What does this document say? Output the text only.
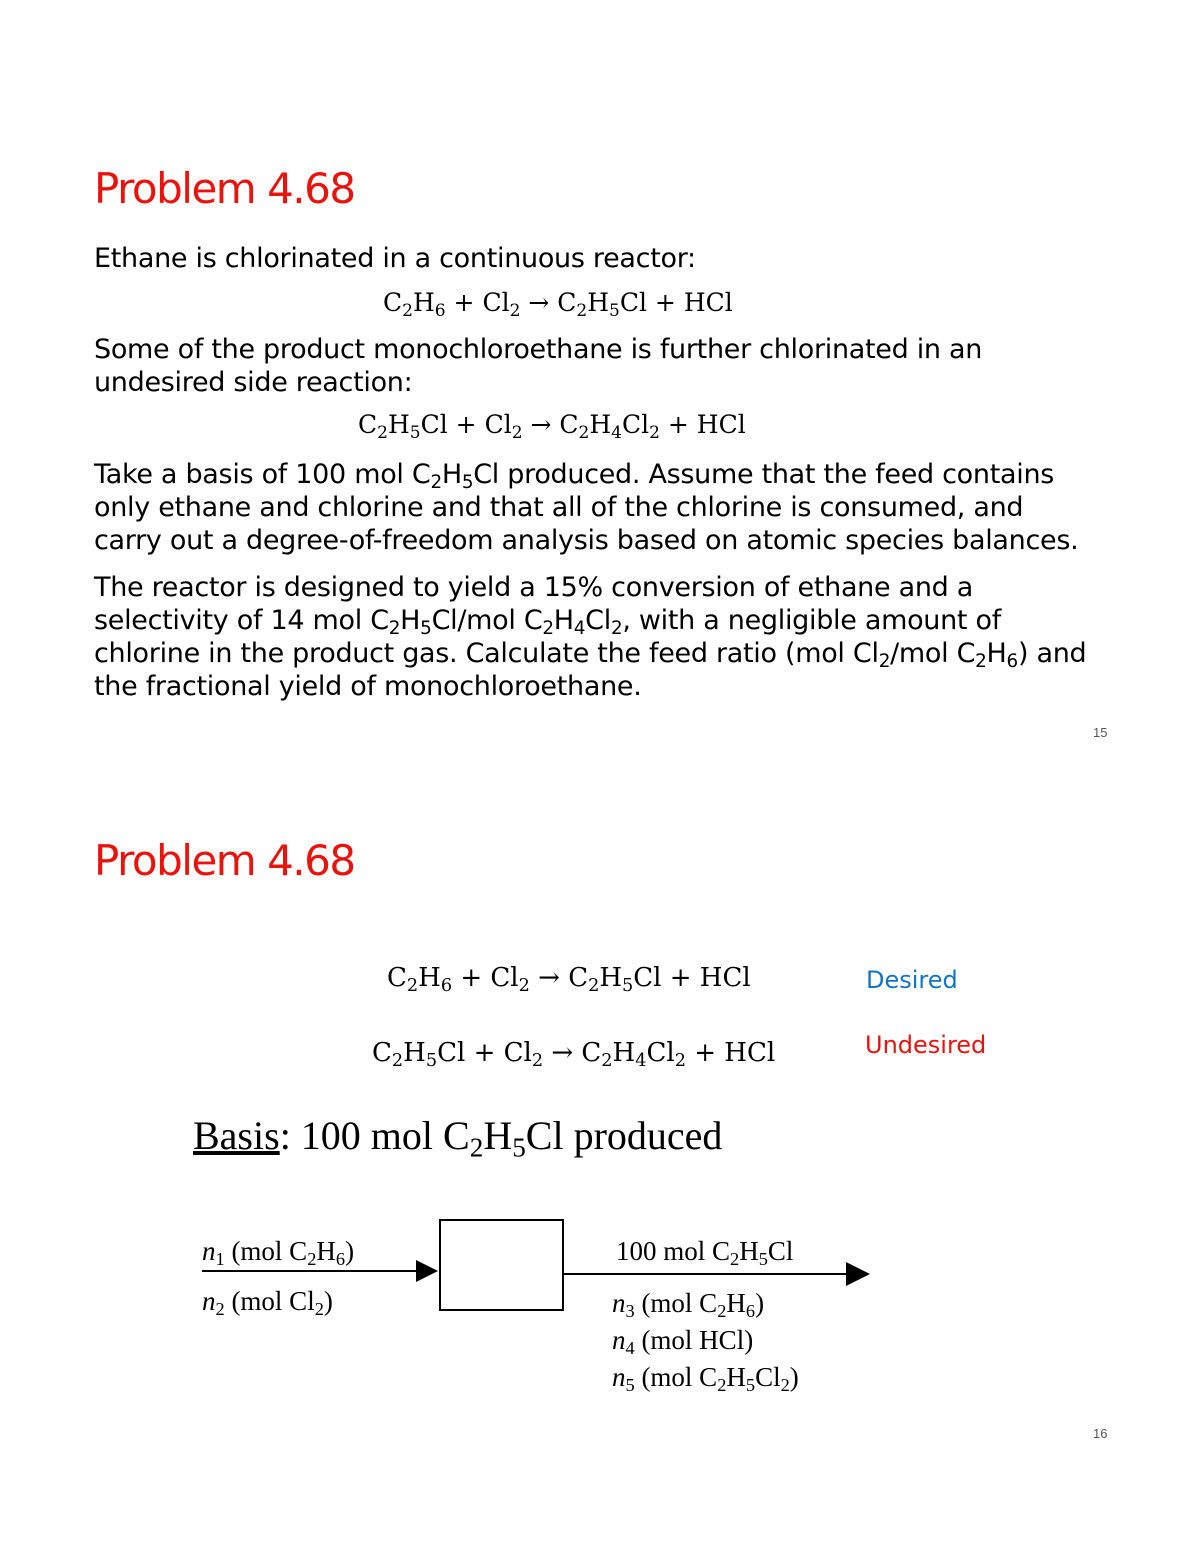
Problem 4.68
Ethane is chlorinated in a continuous reactor:
$C_2H_6 + Cl_2 \to C_2H_5Cl$ + HCl
Some of the product monochloroethane is further chlorinated in an
undesired side reaction:
$C_2H_5Cl + Cl_2 \to C_2H_4Cl_2$ + HCl
Take a basis of 100 mol $C_2H_5Cl$ produced. Assume that the feed contains
only ethane and chlorine and that all of the chlorine is consumed, and
carry out a degree-of-freedom analysis based on atomic species balances.
The reactor is designed to yield a 15% conversion of ethane and a
selectivity of 14 mol $C_2H_5Cl$/mol $C_2H_4Cl_2$, with a negligible amount of
chlorine in the product gas. Calculate the feed ratio (mol $Cl_2$/mol $C_2H_6$) and
the fractional yield of monochloroethane.
15
Problem 4.68
$C_2H_6 + Cl_2 \to C_2H_5Cl$ + HCl	Desired
$C_2H_5Cl + Cl_2 \to C_2H_4Cl_2$ + HCl	Undesired
Basis: 100 mol $C_2H_5Cl$ produced
$n_1$ (mol $C_2H_6$)
$n_2$ (mol $Cl_2$)
100 mol $C_2H_5Cl$
$n_3$ (mol $C_2H_6$)
$n_4$ (mol HCl)
$n_5$ (mol $C_2H_5Cl_2$)
16
